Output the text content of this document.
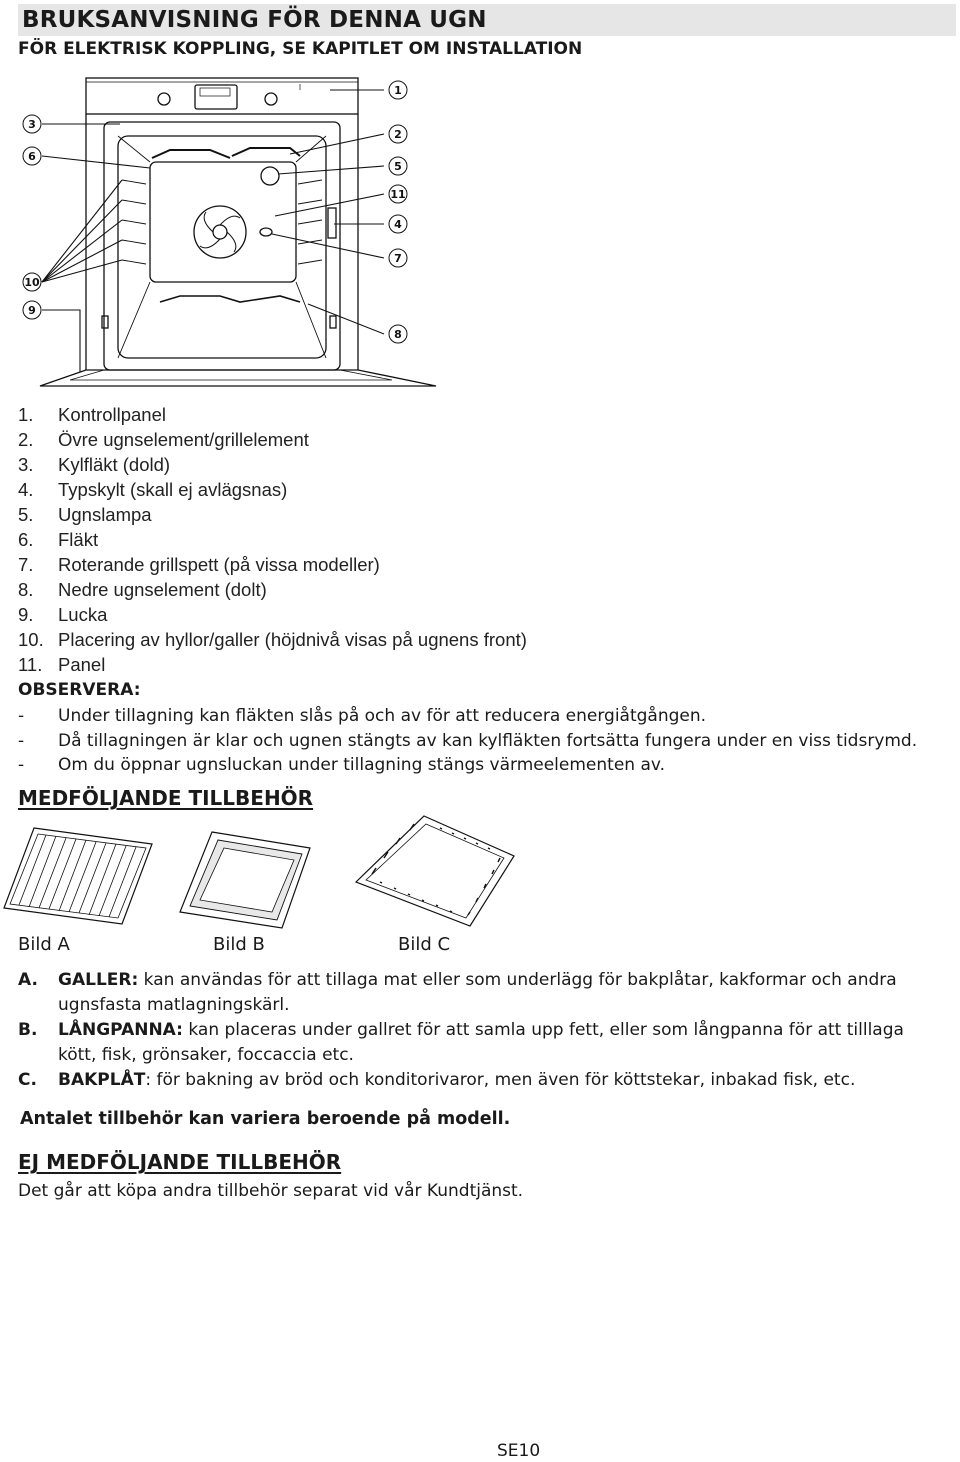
BRUKSANVISNING FÖR DENNA UGN
FÖR ELEKTRISK KOPPLING, SE KAPITLET OM INSTALLATION
1
2
3
4
5
6
7
8
9
10
11
1.	Kontrollpanel
2.	Övre ugnselement/grillelement
3.	Kylfläkt (dold)
4.	Typskylt (skall ej avlägsnas)
5.	Ugnslampa
6.	Fläkt
7.	Roterande grillspett (på vissa modeller)
8.	Nedre ugnselement (dolt)
9.	Lucka
10. Placering av hyllor/galler (höjdnivå visas på ugnens front)
11. Panel
OBSERVERA:
-	Under tillagning kan fläkten slås på och av för att reducera energiåtgången.
-	Då tillagningen är klar och ugnen stängts av kan kylfläkten fortsätta fungera under en viss tidsrymd.
-	Om du öppnar ugnsluckan under tillagning stängs värmeelementen av.
MEDFÖLJANDE TILLBEHÖR
Bild A	Bild B	Bild C
A.	GALLER: kan användas för att tillaga mat eller som underlägg för bakplåtar, kakformar och andra ugnsfasta matlagningskärl.
B.	LÅNGPANNA: kan placeras under gallret för att samla upp fett, eller som långpanna för att tilllaga kött, fisk, grönsaker, foccaccia etc.
C.	BAKPLÅT: för bakning av bröd och konditorivaror, men även för köttstekar, inbakad fisk, etc.
Antalet tillbehör kan variera beroende på modell.
EJ MEDFÖLJANDE TILLBEHÖR
Det går att köpa andra tillbehör separat vid vår Kundtjänst.
SE10
